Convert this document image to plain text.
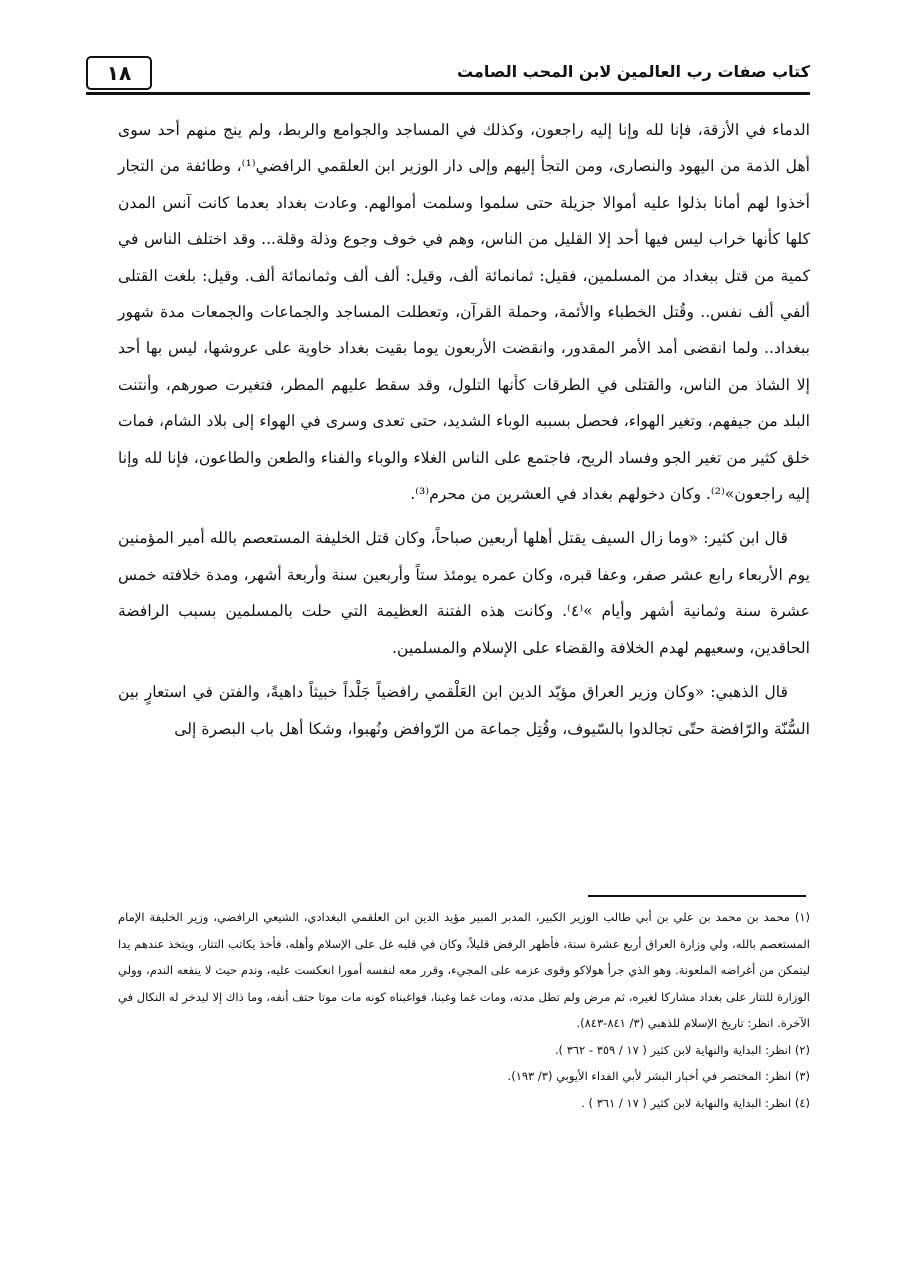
١٨	كتاب صفات رب العالمين لابن المحب الصامت

الدماء في الأزقة، فإنا لله وإنا إليه راجعون، وكذلك في المساجد والجوامع والربط، ولم ينج منهم أحد سوى أهل الذمة من اليهود والنصارى، ومن التجأ إليهم وإلى دار الوزير ابن العلقمي الرافضي⁽¹⁾، وطائفة من التجار أخذوا لهم أمانا بذلوا عليه أموالا جزيلة حتى سلموا وسلمت أموالهم. وعادت بغداد بعدما كانت آنس المدن كلها كأنها خراب ليس فيها أحد إلا القليل من الناس، وهم في خوف وجوع وذلة وقلة... وقد اختلف الناس في كمية من قتل ببغداد من المسلمين، فقيل: ثمانمائة ألف، وقيل: ألف ألف وثمانمائة ألف. وقيل: بلغت القتلى ألفي ألف نفس.. وقُتل الخطباء والأئمة، وحملة القرآن، وتعطلت المساجد والجماعات والجمعات مدة شهور ببغداد.. ولما انقضى أمد الأمر المقدور، وانقضت الأربعون يوما بقيت بغداد خاوية على عروشها، ليس بها أحد إلا الشاذ من الناس، والقتلى في الطرقات كأنها التلول، وقد سقط عليهم المطر، فتغيرت صورهم، وأنتنت البلد من جيفهم، وتغير الهواء، فحصل بسببه الوباء الشديد، حتى تعدى وسرى في الهواء إلى بلاد الشام، فمات خلق كثير من تغير الجو وفساد الريح، فاجتمع على الناس الغلاء والوباء والفناء والطعن والطاعون، فإنا لله وإنا إليه راجعون»⁽²⁾. وكان دخولهم بغداد في العشرين من محرم⁽³⁾.

قال ابن كثير: «وما زال السيف يقتل أهلها أربعين صباحاً، وكان قتل الخليفة المستعصم بالله أمير المؤمنين يوم الأربعاء رابع عشر صفر، وعفا قبره، وكان عمره يومئذ ستاً وأربعين سنة وأربعة أشهر، ومدة خلافته خمس عشرة سنة وثمانية أشهر وأيام »⁽٤⁾. وكانت هذه الفتنة العظيمة التي حلت بالمسلمين بسبب الرافضة الحاقدين، وسعيهم لهدم الخلافة والقضاء على الإسلام والمسلمين.

قال الذهبي: «وكان وزير العراق مؤيّد الدين ابن العَلْقمي رافضياً جَلْداً خبيثاً داهيةً، والفتن في استعارٍ بين السُّنّة والرّافضة حتّى تجالدوا بالسّيوف، وقُتِل جماعة من الرّوافض ونُهبوا، وشكا أهل باب البصرة إلى

(١) محمد بن محمد بن علي بن أبي طالب الوزير الكبير، المدبر المبير مؤيد الدين ابن العلقمي البغدادي، الشيعي الرافضي، وزير الخليفة الإمام المستعصم بالله، ولي وزارة العراق أربع عشرة سنة، فأظهر الرفض قليلاً، وكان في قلبه غل على الإسلام وأهله، فأخذ يكاتب التتار، ويتخذ عندهم يدا ليتمكن من أغراضه الملعونة. وهو الذي جرأ هولاكو وقوى عزمه على المجيء، وقرر معه لنفسه أمورا انعكست عليه، وندم حيث لا ينفعه الندم، وولي الوزارة للتتار على بغداد مشاركا لغيره، ثم مرض ولم تطل مدته، ومات غما وغبنا، فواغبناه كونه مات موتا حتف أنفه، وما ذاك إلا ليدخر له النكال في الآخرة. انظر: تاريخ الإسلام للذهبي (٣/ ٨٤١-٨٤٣).

(٢) انظر: البداية والنهاية لابن كثير ( ١٧ / ٣٥٩ - ٣٦٢ ).

(٣) انظر: المختصر في أخبار البشر لأبي الفداء الأيوبي (٣/ ١٩٣).

(٤) انظر: البداية والنهاية لابن كثير ( ١٧ / ٣٦١ ) .
